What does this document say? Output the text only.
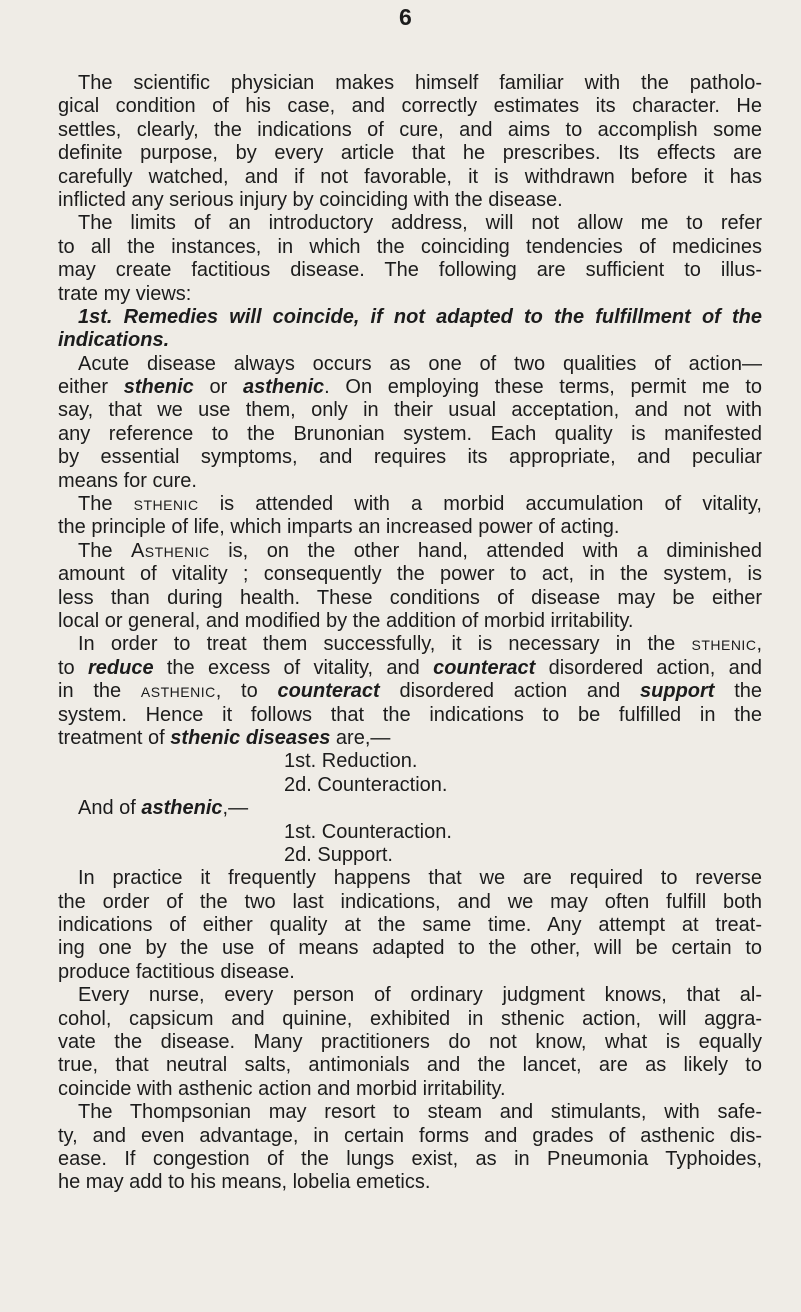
6
The scientific physician makes himself familiar with the patholo-
gical condition of his case, and correctly estimates its character. He
settles, clearly, the indications of cure, and aims to accomplish some
definite purpose, by every article that he prescribes. Its effects are
carefully watched, and if not favorable, it is withdrawn before it has
inflicted any serious injury by coinciding with the disease.
The limits of an introductory address, will not allow me to refer
to all the instances, in which the coinciding tendencies of medicines
may create factitious disease. The following are sufficient to illus-
trate my views:
1st. Remedies will coincide, if not adapted to the fulfillment of the
indications.
Acute disease always occurs as one of two qualities of action—
either sthenic or asthenic. On employing these terms, permit me to
say, that we use them, only in their usual acceptation, and not with
any reference to the Brunonian system. Each quality is manifested
by essential symptoms, and requires its appropriate, and peculiar
means for cure.
The sthenic is attended with a morbid accumulation of vitality,
the principle of life, which imparts an increased power of acting.
The Asthenic is, on the other hand, attended with a diminished
amount of vitality ; consequently the power to act, in the system, is
less than during health. These conditions of disease may be either
local or general, and modified by the addition of morbid irritability.
In order to treat them successfully, it is necessary in the sthenic,
to reduce the excess of vitality, and counteract disordered action, and
in the asthenic, to counteract disordered action and support the
system. Hence it follows that the indications to be fulfilled in the
treatment of sthenic diseases are,—
1st. Reduction.
2d. Counteraction.
And of asthenic,—
1st. Counteraction.
2d. Support.
In practice it frequently happens that we are required to reverse
the order of the two last indications, and we may often fulfill both
indications of either quality at the same time. Any attempt at treat-
ing one by the use of means adapted to the other, will be certain to
produce factitious disease.
Every nurse, every person of ordinary judgment knows, that al-
cohol, capsicum and quinine, exhibited in sthenic action, will aggra-
vate the disease. Many practitioners do not know, what is equally
true, that neutral salts, antimonials and the lancet, are as likely to
coincide with asthenic action and morbid irritability.
The Thompsonian may resort to steam and stimulants, with safe-
ty, and even advantage, in certain forms and grades of asthenic dis-
ease. If congestion of the lungs exist, as in Pneumonia Typhoides,
he may add to his means, lobelia emetics.
